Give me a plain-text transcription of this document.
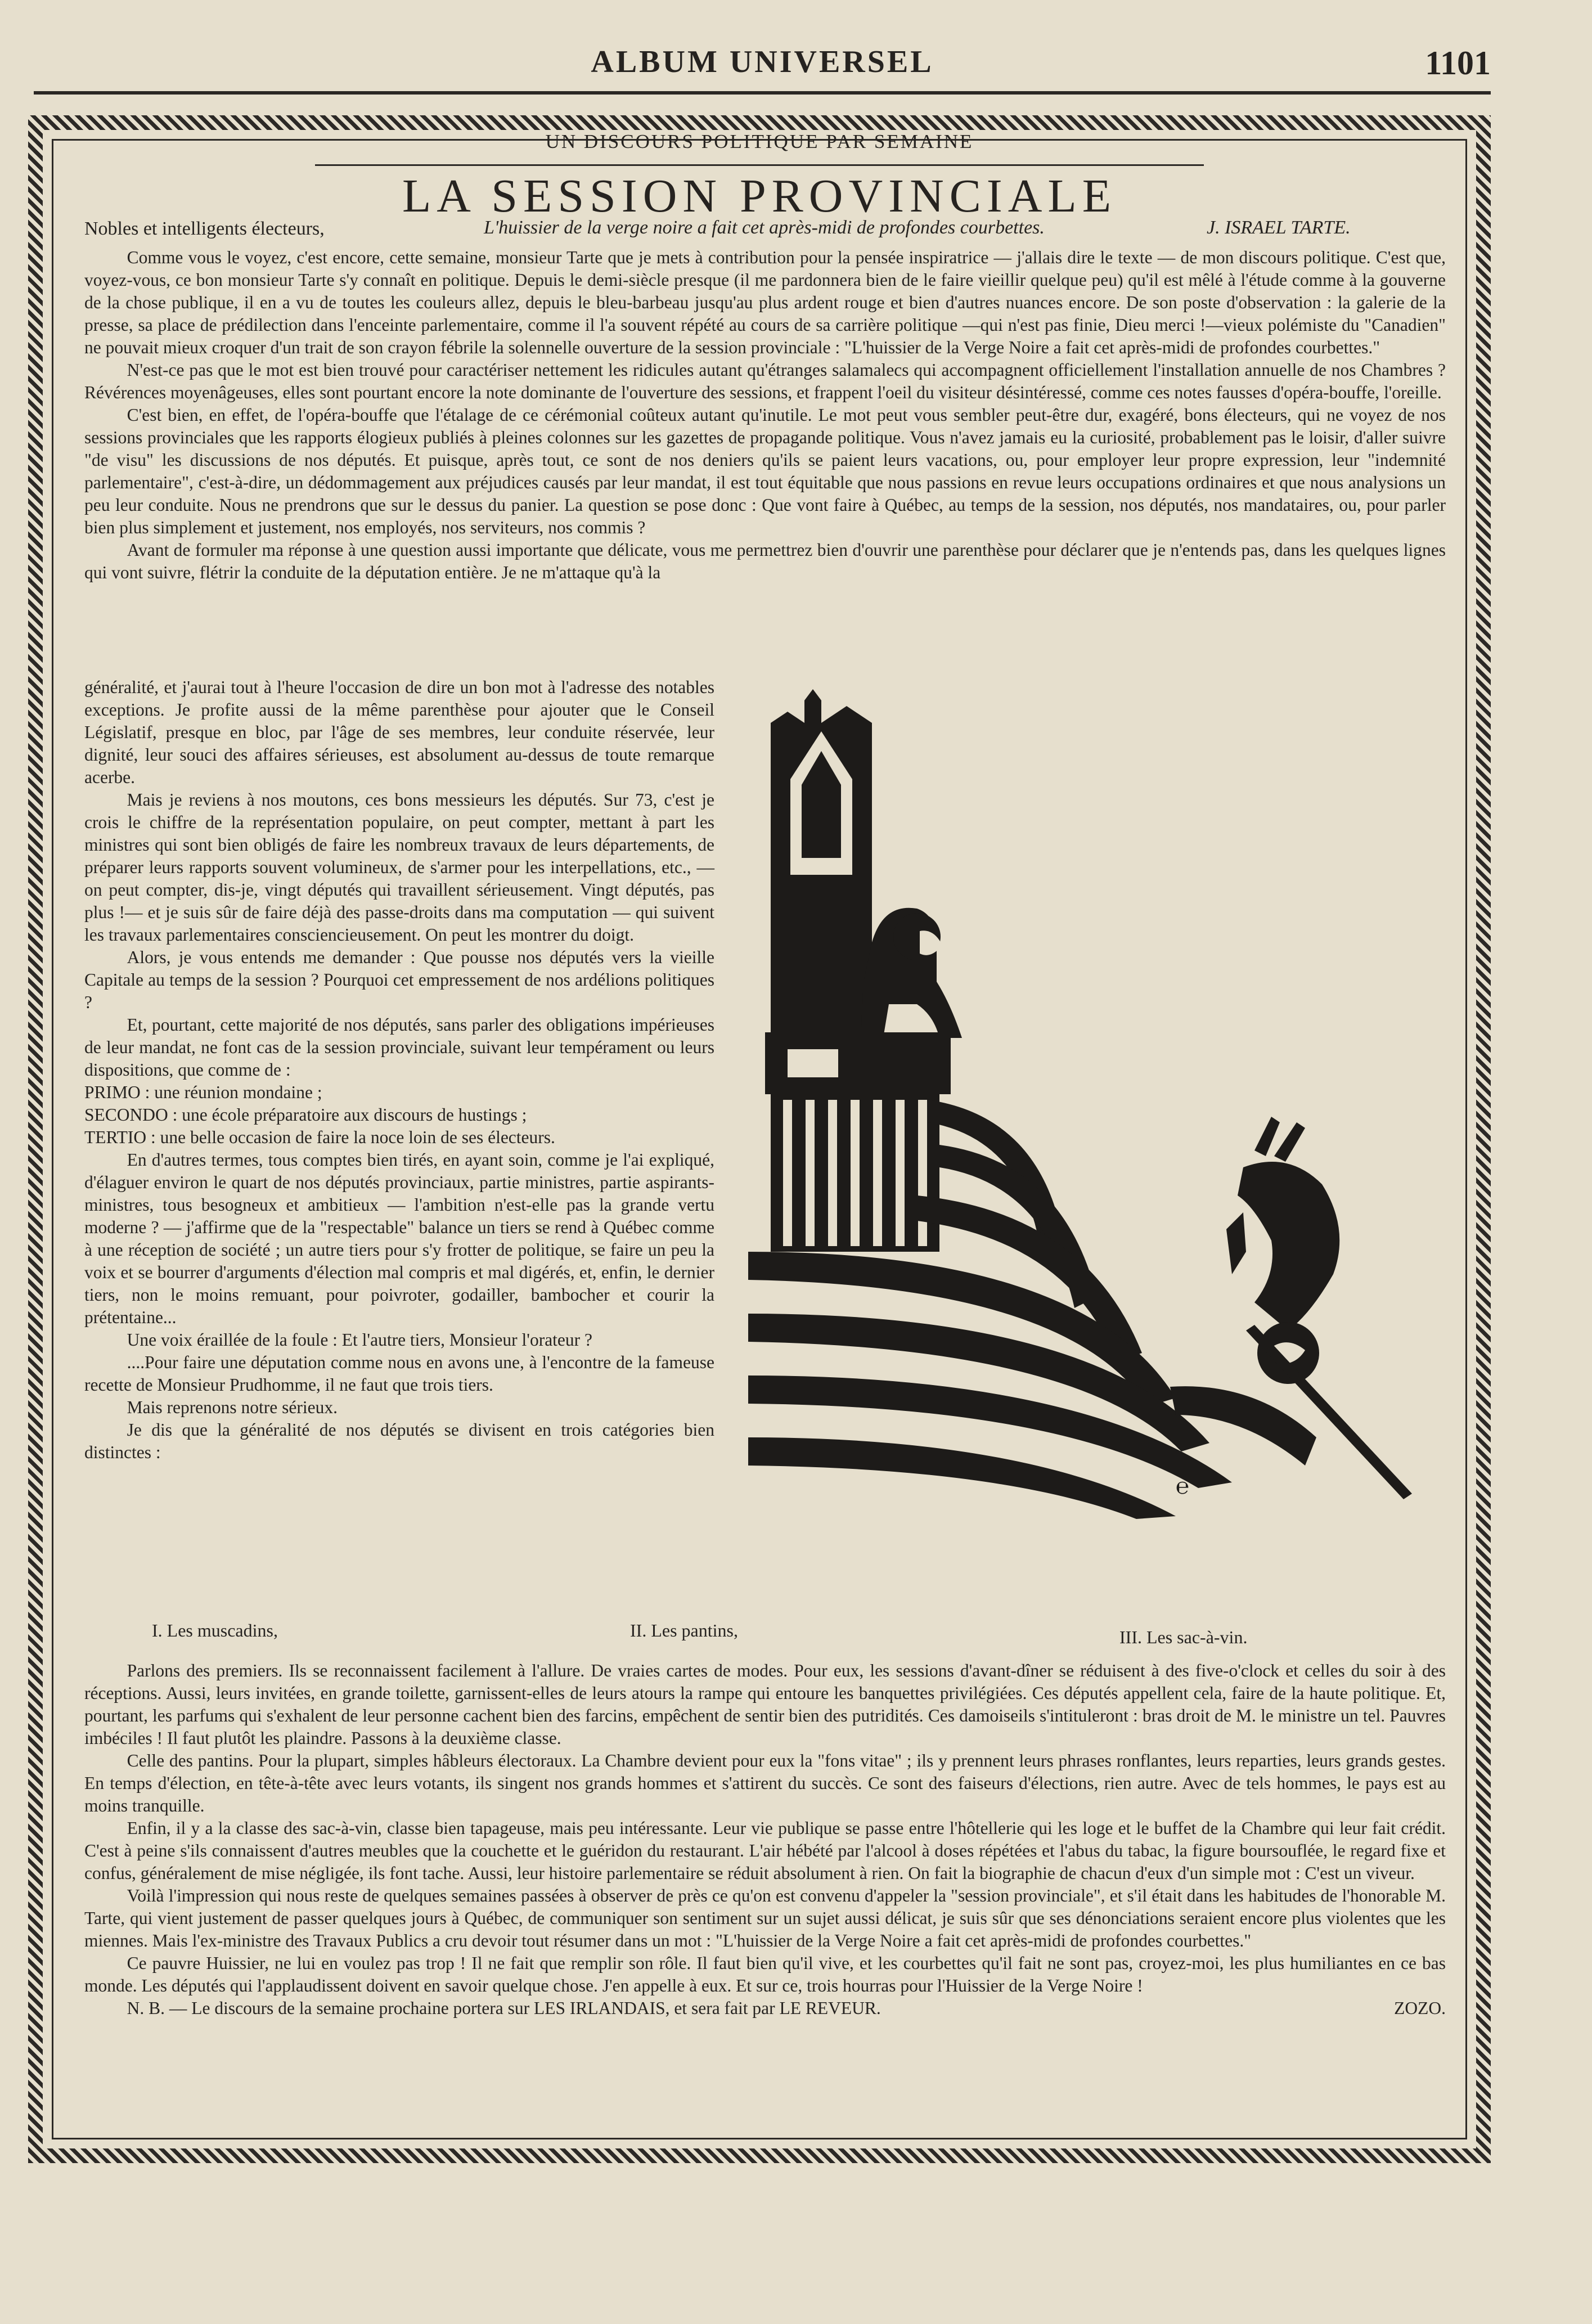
ALBUM UNIVERSEL	1101
UN DISCOURS POLITIQUE PAR SEMAINE
LA SESSION PROVINCIALE
Nobles et intelligents électeurs,	L'huissier de la verge noire a fait cet après-midi de profondes courbettes.	J. ISRAEL TARTE.

Comme vous le voyez, c'est encore, cette semaine, monsieur Tarte que je mets à contribution pour la pensée inspiratrice — j'allais dire le texte — de mon discours politique. C'est que, voyez-vous, ce bon monsieur Tarte s'y connaît en politique. Depuis le demi-siècle presque (il me pardonnera bien de le faire vieillir quelque peu) qu'il est mêlé à l'étude comme à la gouverne de la chose publique, il en a vu de toutes les couleurs allez, depuis le bleu-barbeau jusqu'au plus ardent rouge et bien d'autres nuances encore. De son poste d'observation : la galerie de la presse, sa place de prédilection dans l'enceinte parlementaire, comme il l'a souvent répété au cours de sa carrière politique —qui n'est pas finie, Dieu merci !—vieux polémiste du "Canadien" ne pouvait mieux croquer d'un trait de son crayon fébrile la solennelle ouverture de la session provinciale : "L'huissier de la Verge Noire a fait cet après-midi de profondes courbettes."

N'est-ce pas que le mot est bien trouvé pour caractériser nettement les ridicules autant qu'étranges salamalecs qui accompagnent officiellement l'installation annuelle de nos Chambres ? Révérences moyenâgeuses, elles sont pourtant encore la note dominante de l'ouverture des sessions, et frappent l'oeil du visiteur désintéressé, comme ces notes fausses d'opéra-bouffe, l'oreille.

C'est bien, en effet, de l'opéra-bouffe que l'étalage de ce cérémonial coûteux autant qu'inutile. Le mot peut vous sembler peut-être dur, exagéré, bons électeurs, qui ne voyez de nos sessions provinciales que les rapports élogieux publiés à pleines colonnes sur les gazettes de propagande politique. Vous n'avez jamais eu la curiosité, probablement pas le loisir, d'aller suivre "de visu" les discussions de nos députés. Et puisque, après tout, ce sont de nos deniers qu'ils se paient leurs vacations, ou, pour employer leur propre expression, leur "indemnité parlementaire", c'est-à-dire, un dédommagement aux préjudices causés par leur mandat, il est tout équitable que nous passions en revue leurs occupations ordinaires et que nous analysions un peu leur conduite. Nous ne prendrons que sur le dessus du panier. La question se pose donc : Que vont faire à Québec, au temps de la session, nos députés, nos mandataires, ou, pour parler bien plus simplement et justement, nos employés, nos serviteurs, nos commis ?

Avant de formuler ma réponse à une question aussi importante que délicate, vous me permettrez bien d'ouvrir une parenthèse pour déclarer que je n'entends pas, dans les quelques lignes qui vont suivre, flétrir la conduite de la députation entière. Je ne m'attaque qu'à la

généralité, et j'aurai tout à l'heure l'occasion de dire un bon mot à l'adresse des notables exceptions. Je profite aussi de la même parenthèse pour ajouter que le Conseil Législatif, presque en bloc, par l'âge de ses membres, leur conduite réservée, leur dignité, leur souci des affaires sérieuses, est absolument au-dessus de toute remarque acerbe.

Mais je reviens à nos moutons, ces bons messieurs les députés. Sur 73, c'est je crois le chiffre de la représentation populaire, on peut compter, mettant à part les ministres qui sont bien obligés de faire les nombreux travaux de leurs départements, de préparer leurs rapports souvent volumineux, de s'armer pour les interpellations, etc., — on peut compter, dis-je, vingt députés qui travaillent sérieusement. Vingt députés, pas plus !— et je suis sûr de faire déjà des passe-droits dans ma computation — qui suivent les travaux parlementaires consciencieusement. On peut les montrer du doigt.

Alors, je vous entends me demander : Que pousse nos députés vers la vieille Capitale au temps de la session ? Pourquoi cet empressement de nos ardélions politiques ?

Et, pourtant, cette majorité de nos députés, sans parler des obligations impérieuses de leur mandat, ne font cas de la session provinciale, suivant leur tempérament ou leurs dispositions, que comme de :

PRIMO : une réunion mondaine ;

SECONDO : une école préparatoire aux discours de hustings ;

TERTIO : une belle occasion de faire la noce loin de ses électeurs.

En d'autres termes, tous comptes bien tirés, en ayant soin, comme je l'ai expliqué, d'élaguer environ le quart de nos députés provinciaux, partie ministres, partie aspirants-ministres, tous besogneux et ambitieux — l'ambition n'est-elle pas la grande vertu moderne ? — j'affirme que de la "respectable" balance un tiers se rend à Québec comme à une réception de société ; un autre tiers pour s'y frotter de politique, se faire un peu la voix et se bourrer d'arguments d'élection mal compris et mal digérés, et, enfin, le dernier tiers, non le moins remuant, pour poivroter, godailler, bambocher et courir la prétentaine...

Une voix éraillée de la foule : Et l'autre tiers, Monsieur l'orateur ?

....Pour faire une députation comme nous en avons une, à l'encontre de la fameuse recette de Monsieur Prudhomme, il ne faut que trois tiers.

Mais reprenons notre sérieux.

Je dis que la généralité de nos députés se divisent en trois catégories bien distinctes :

℮
I. Les muscadins,	II. Les pantins,	III. Les sac-à-vin.

Parlons des premiers. Ils se reconnaissent facilement à l'allure. De vraies cartes de modes. Pour eux, les sessions d'avant-dîner se réduisent à des five-o'clock et celles du soir à des réceptions. Aussi, leurs invitées, en grande toilette, garnissent-elles de leurs atours la rampe qui entoure les banquettes privilégiées. Ces députés appellent cela, faire de la haute politique. Et, pourtant, les parfums qui s'exhalent de leur personne cachent bien des farcins, empêchent de sentir bien des putridités. Ces damoiseils s'intituleront : bras droit de M. le ministre un tel. Pauvres imbéciles ! Il faut plutôt les plaindre. Passons à la deuxième classe.

Celle des pantins. Pour la plupart, simples hâbleurs électoraux. La Chambre devient pour eux la "fons vitae" ; ils y prennent leurs phrases ronflantes, leurs reparties, leurs grands gestes. En temps d'élection, en tête-à-tête avec leurs votants, ils singent nos grands hommes et s'attirent du succès. Ce sont des faiseurs d'élections, rien autre. Avec de tels hommes, le pays est au moins tranquille.

Enfin, il y a la classe des sac-à-vin, classe bien tapageuse, mais peu intéressante. Leur vie publique se passe entre l'hôtellerie qui les loge et le buffet de la Chambre qui leur fait crédit. C'est à peine s'ils connaissent d'autres meubles que la couchette et le guéridon du restaurant. L'air hébété par l'alcool à doses répétées et l'abus du tabac, la figure boursouflée, le regard fixe et confus, généralement de mise négligée, ils font tache. Aussi, leur histoire parlementaire se réduit absolument à rien. On fait la biographie de chacun d'eux d'un simple mot : C'est un viveur.

Voilà l'impression qui nous reste de quelques semaines passées à observer de près ce qu'on est convenu d'appeler la "session provinciale", et s'il était dans les habitudes de l'honorable M. Tarte, qui vient justement de passer quelques jours à Québec, de communiquer son sentiment sur un sujet aussi délicat, je suis sûr que ses dénonciations seraient encore plus violentes que les miennes. Mais l'ex-ministre des Travaux Publics a cru devoir tout résumer dans un mot : "L'huissier de la Verge Noire a fait cet après-midi de profondes courbettes."

Ce pauvre Huissier, ne lui en voulez pas trop ! Il ne fait que remplir son rôle. Il faut bien qu'il vive, et les courbettes qu'il fait ne sont pas, croyez-moi, les plus humiliantes en ce bas monde. Les députés qui l'applaudissent doivent en savoir quelque chose. J'en appelle à eux. Et sur ce, trois hourras pour l'Huissier de la Verge Noire !

N. B. — Le discours de la semaine prochaine portera sur LES IRLANDAIS, et sera fait par LE REVEUR.	ZOZO.
